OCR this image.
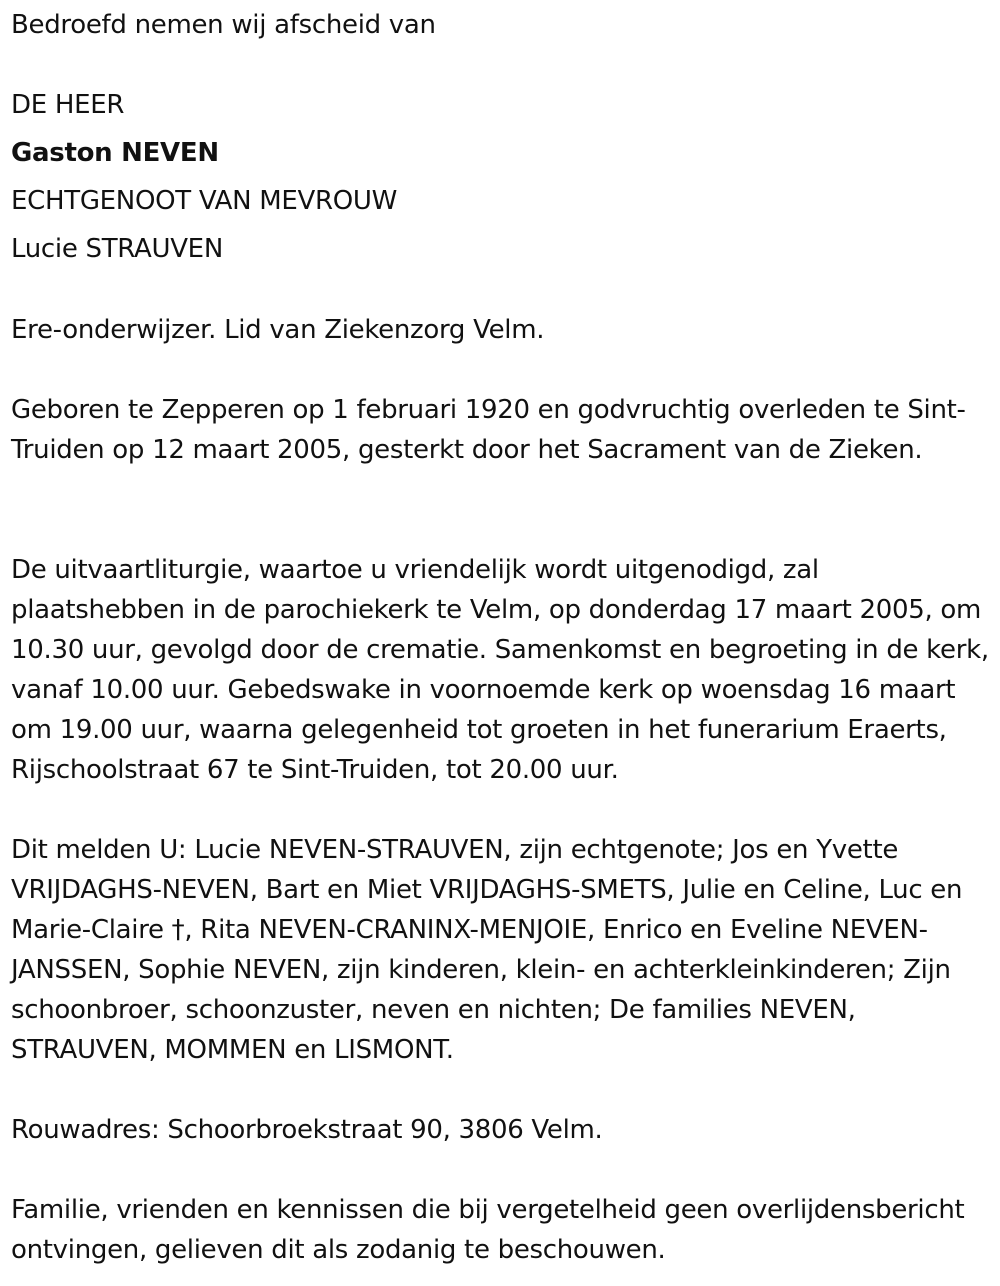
Bedroefd nemen wij afscheid van
DE HEER
Gaston NEVEN
ECHTGENOOT VAN MEVROUW
Lucie STRAUVEN
Ere-onderwijzer. Lid van Ziekenzorg Velm.
Geboren te Zepperen op 1 februari 1920 en godvruchtig overleden te Sint-Truiden op 12 maart 2005, gesterkt door het Sacrament van de Zieken.
De uitvaartliturgie, waartoe u vriendelijk wordt uitgenodigd, zal plaatshebben in de parochiekerk te Velm, op donderdag 17 maart 2005, om 10.30 uur, gevolgd door de crematie. Samenkomst en begroeting in de kerk, vanaf 10.00 uur. Gebedswake in voornoemde kerk op woensdag 16 maart om 19.00 uur, waarna gelegenheid tot groeten in het funerarium Eraerts, Rijschoolstraat 67 te Sint-Truiden, tot 20.00 uur.
Dit melden U: Lucie NEVEN-STRAUVEN, zijn echtgenote; Jos en Yvette VRIJDAGHS-NEVEN, Bart en Miet VRIJDAGHS-SMETS, Julie en Celine, Luc en Marie-Claire †, Rita NEVEN-CRANINX-MENJOIE, Enrico en Eveline NEVEN-JANSSEN, Sophie NEVEN, zijn kinderen, klein- en achterkleinkinderen; Zijn schoonbroer, schoonzuster, neven en nichten; De families NEVEN, STRAUVEN, MOMMEN en LISMONT.
Rouwadres: Schoorbroekstraat 90, 3806 Velm.
Familie, vrienden en kennissen die bij vergetelheid geen overlijdensbericht ontvingen, gelieven dit als zodanig te beschouwen.
